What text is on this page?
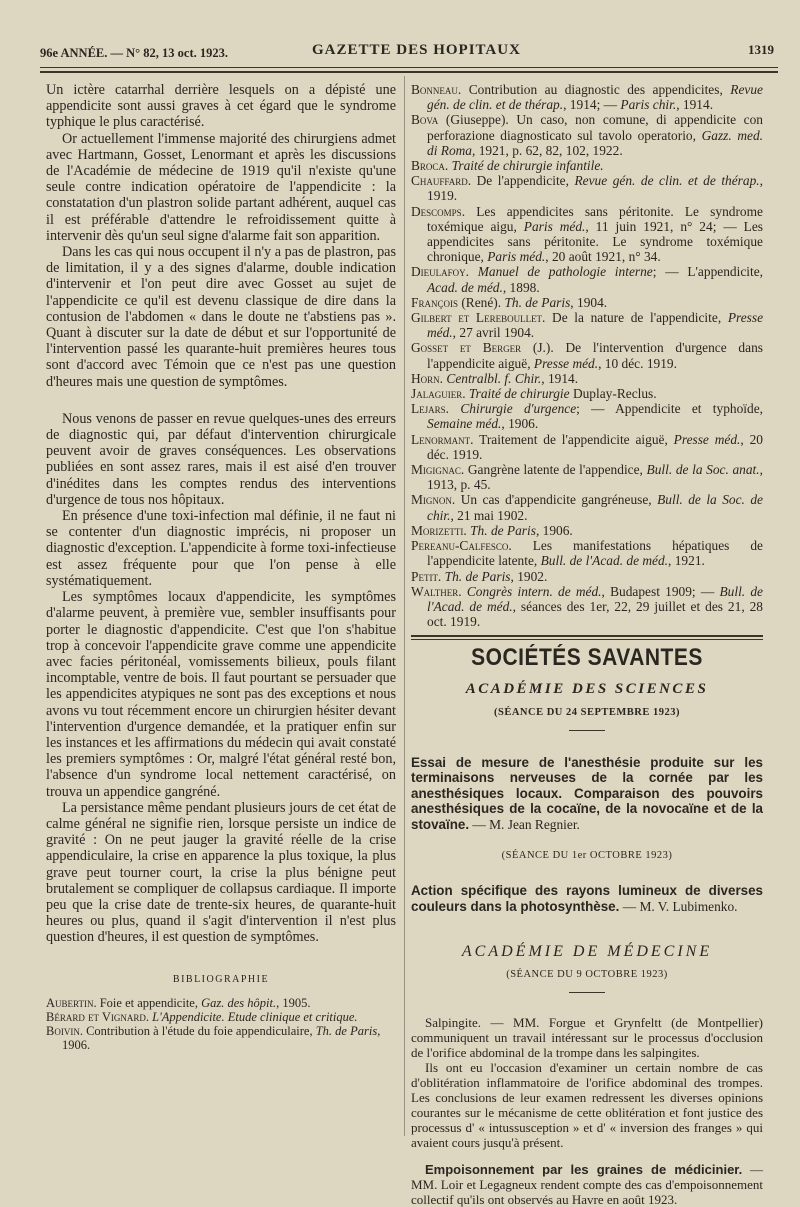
96e ANNÉE. — N° 82, 13 oct. 1923.	GAZETTE DES HOPITAUX	1319

Un ictère catarrhal derrière lesquels on a dépisté une appendicite sont aussi graves à cet égard que le syndrome typhique le plus caractérisé.

Or actuellement l'immense majorité des chirurgiens admet avec Hartmann, Gosset, Lenormant et après les discussions de l'Académie de médecine de 1919 qu'il n'existe qu'une seule contre indication opératoire de l'appendicite : la constatation d'un plastron solide partant adhérent, auquel cas il est préférable d'attendre le refroidissement quitte à intervenir dès qu'un seul signe d'alarme fait son apparition.

Dans les cas qui nous occupent il n'y a pas de plastron, pas de limitation, il y a des signes d'alarme, double indication d'intervenir et l'on peut dire avec Gosset au sujet de l'appendicite ce qu'il est devenu classique de dire dans la contusion de l'abdomen « dans le doute ne t'abstiens pas ». Quant à discuter sur la date de début et sur l'opportunité de l'intervention passé les quarante-huit premières heures tous sont d'accord avec Témoin que ce n'est pas une question d'heures mais une question de symptômes.

Nous venons de passer en revue quelques-unes des erreurs de diagnostic qui, par défaut d'intervention chirurgicale peuvent avoir de graves conséquences. Les observations publiées en sont assez rares, mais il est aisé d'en trouver d'inédites dans les comptes rendus des interventions d'urgence de tous nos hôpitaux.

En présence d'une toxi-infection mal définie, il ne faut ni se contenter d'un diagnostic imprécis, ni proposer un diagnostic d'exception. L'appendicite à forme toxi-infectieuse est assez fréquente pour que l'on pense à elle systématiquement.

Les symptômes locaux d'appendicite, les symptômes d'alarme peuvent, à première vue, sembler insuffisants pour porter le diagnostic d'appendicite. C'est que l'on s'habitue trop à concevoir l'appendicite grave comme une appendicite avec facies péritonéal, vomissements bilieux, pouls filant incomptable, ventre de bois. Il faut pourtant se persuader que les appendicites atypiques ne sont pas des exceptions et nous avons vu tout récemment encore un chirurgien hésiter devant l'intervention d'urgence demandée, et la pratiquer enfin sur les instances et les affirmations du médecin qui avait constaté les premiers symptômes : Or, malgré l'état général resté bon, l'absence d'un syndrome local nettement caractérisé, on trouva un appendice gangréné.

La persistance même pendant plusieurs jours de cet état de calme général ne signifie rien, lorsque persiste un indice de gravité : On ne peut jauger la gravité réelle de la crise appendiculaire, la crise en apparence la plus toxique, la plus grave peut tourner court, la crise la plus bénigne peut brutalement se compliquer de collapsus cardiaque. Il importe peu que la crise date de trente-six heures, de quarante-huit heures ou plus, quand il s'agit d'intervention il n'est plus question d'heures, il est question de symptômes.

BIBLIOGRAPHIE

Aubertin. Foie et appendicite, Gaz. des hôpit., 1905.

Bérard et Vignard. L'Appendicite. Etude clinique et critique.

Boivin. Contribution à l'étude du foie appendiculaire, Th. de Paris, 1906.

Bonneau. Contribution au diagnostic des appendicites, Revue gén. de clin. et de thérap., 1914; — Paris chir., 1914.

Bova (Giuseppe). Un caso, non comune, di appendicite con perforazione diagnosticato sul tavolo operatorio, Gazz. med. di Roma, 1921, p. 62, 82, 102, 1922.

Broca. Traité de chirurgie infantile.

Chauffard. De l'appendicite, Revue gén. de clin. et de thérap., 1919.

Descomps. Les appendicites sans péritonite. Le syndrome toxémique aigu, Paris méd., 11 juin 1921, n° 24; — Les appendicites sans péritonite. Le syndrome toxémique chronique, Paris méd., 20 août 1921, n° 34.

Dieulafoy. Manuel de pathologie interne; — L'appendicite, Acad. de méd., 1898.

François (René). Th. de Paris, 1904.

Gilbert et Lereboullet. De la nature de l'appendicite, Presse méd., 27 avril 1904.

Gosset et Berger (J.). De l'intervention d'urgence dans l'appendicite aiguë, Presse méd., 10 déc. 1919.

Horn. Centralbl. f. Chir., 1914.

Jalaguier. Traité de chirurgie Duplay-Reclus.

Lejars. Chirurgie d'urgence; — Appendicite et typhoïde, Semaine méd., 1906.

Lenormant. Traitement de l'appendicite aiguë, Presse méd., 20 déc. 1919.

Migignac. Gangrène latente de l'appendice, Bull. de la Soc. anat., 1913, p. 45.

Mignon. Un cas d'appendicite gangréneuse, Bull. de la Soc. de chir., 21 mai 1902.

Morizetti. Th. de Paris, 1906.

Pereanu-Calfesco. Les manifestations hépatiques de l'appendicite latente, Bull. de l'Acad. de méd., 1921.

Petit. Th. de Paris, 1902.

Walther. Congrès intern. de méd., Budapest 1909; — Bull. de l'Acad. de méd., séances des 1er, 22, 29 juillet et des 21, 28 oct. 1919.

SOCIÉTÉS SAVANTES
ACADÉMIE DES SCIENCES
(SÉANCE DU 24 SEPTEMBRE 1923)
Essai de mesure de l'anesthésie produite sur les terminaisons nerveuses de la cornée par les anesthésiques locaux. Comparaison des pouvoirs anesthésiques de la cocaïne, de la novocaïne et de la stovaïne. — M. Jean Regnier.
(SÉANCE DU 1er OCTOBRE 1923)
Action spécifique des rayons lumineux de diverses couleurs dans la photosynthèse. — M. V. Lubimenko.
ACADÉMIE DE MÉDECINE
(SÉANCE DU 9 OCTOBRE 1923)

Salpingite. — MM. Forgue et Grynfeltt (de Montpellier) communiquent un travail intéressant sur le processus d'occlusion de l'orifice abdominal de la trompe dans les salpingites.

Ils ont eu l'occasion d'examiner un certain nombre de cas d'oblitération inflammatoire de l'orifice abdominal des trompes. Les conclusions de leur examen redressent les diverses opinions courantes sur le mécanisme de cette oblitération et font justice des processus d' « intussusception » et d' « inversion des franges » qui avaient cours jusqu'à présent.

Empoisonnement par les graines de médicinier. — MM. Loir et Legagneux rendent compte des cas d'empoisonnement collectif qu'ils ont observés au Havre en août 1923.
